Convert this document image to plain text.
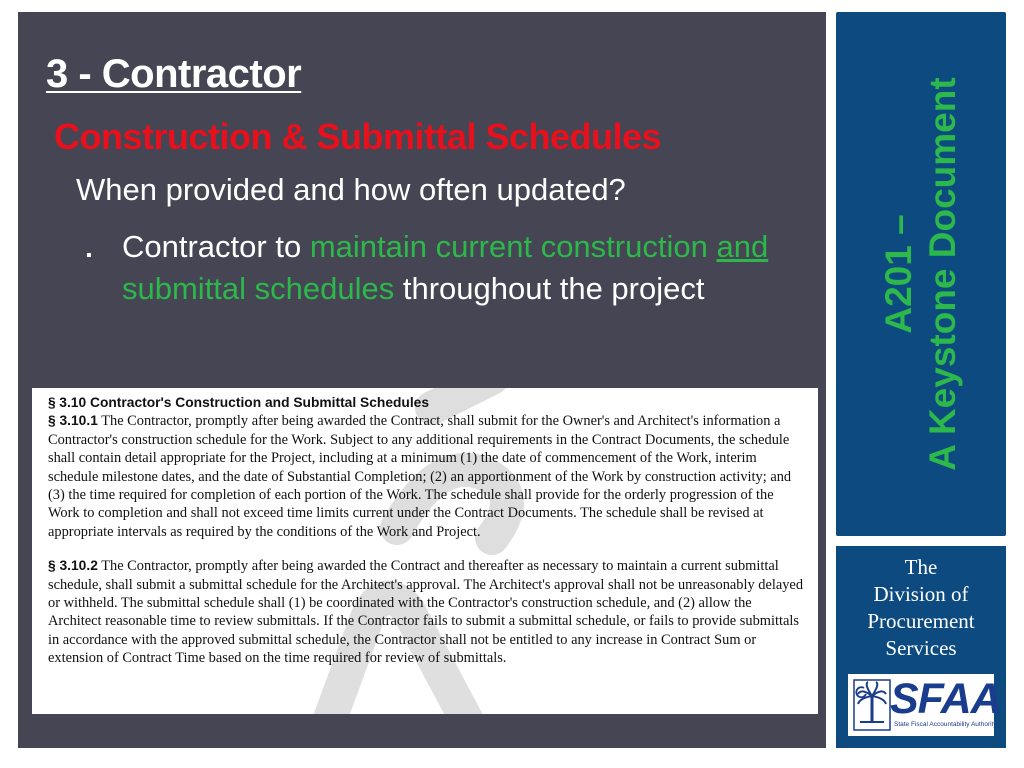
3 - Contractor
Construction & Submittal Schedules
When provided and how often updated?
▪ Contractor to maintain current construction and submittal schedules throughout the project

§ 3.10 Contractor's Construction and Submittal Schedules

§ 3.10.1 The Contractor, promptly after being awarded the Contract, shall submit for the Owner's and Architect's information a Contractor's construction schedule for the Work. Subject to any additional requirements in the Contract Documents, the schedule shall contain detail appropriate for the Project, including at a minimum (1) the date of commencement of the Work, interim schedule milestone dates, and the date of Substantial Completion; (2) an apportionment of the Work by construction activity; and (3) the time required for completion of each portion of the Work. The schedule shall provide for the orderly progression of the Work to completion and shall not exceed time limits current under the Contract Documents. The schedule shall be revised at appropriate intervals as required by the conditions of the Work and Project.

§ 3.10.2 The Contractor, promptly after being awarded the Contract and thereafter as necessary to maintain a current submittal schedule, shall submit a submittal schedule for the Architect's approval. The Architect's approval shall not be unreasonably delayed or withheld. The submittal schedule shall (1) be coordinated with the Contractor's construction schedule, and (2) allow the Architect reasonable time to review submittals. If the Contractor fails to submit a submittal schedule, or fails to provide submittals in accordance with the approved submittal schedule, the Contractor shall not be entitled to any increase in Contract Sum or extension of Contract Time based on the time required for review of submittals.

A201 – A Keystone Document
The
Division of
Procurement
Services
SFAA
State Fiscal Accountability Authority
